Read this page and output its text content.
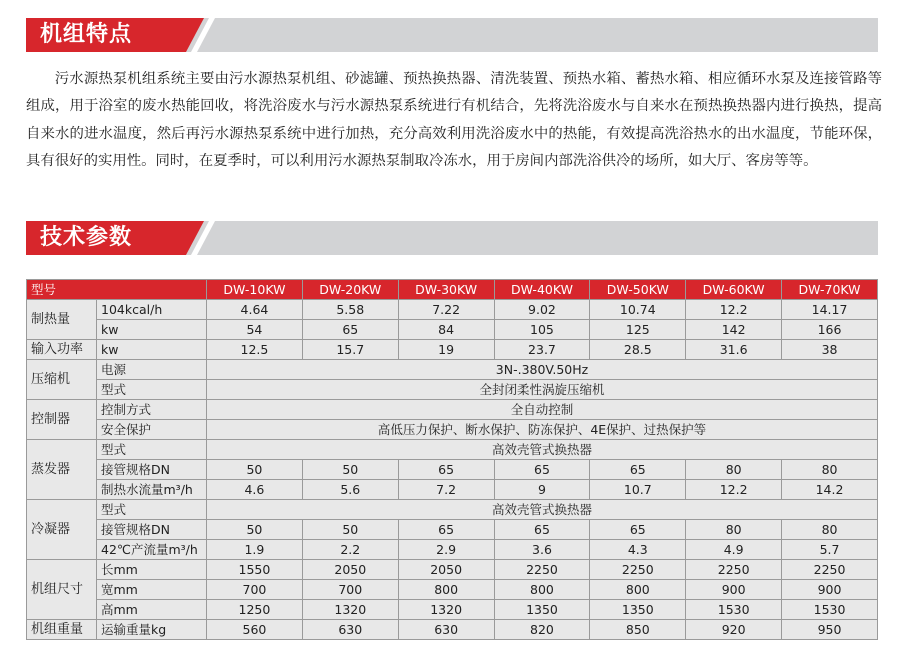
机组特点

污水源热泵机组系统主要由污水源热泵机组、砂滤罐、预热换热器、清洗装置、预热水箱、蓄热水箱、相应循环水泵及连接管路等组成，用于浴室的废水热能回收，将洗浴废水与污水源热泵系统进行有机结合，先将洗浴废水与自来水在预热换热器内进行换热，提高自来水的进水温度，然后再污水源热泵系统中进行加热，充分高效利用洗浴废水中的热能，有效提高洗浴热水的出水温度，节能环保，具有很好的实用性。同时，在夏季时，可以利用污水源热泵制取冷冻水，用于房间内部洗浴供冷的场所，如大厅、客房等等。

技术参数
型号		DW-10KW	DW-20KW	DW-30KW	DW-40KW	DW-50KW	DW-60KW	DW-70KW
制热量	104kcal/h	4.64	5.58	7.22	9.02	10.74	12.2	14.17
	kw	54	65	84	105	125	142	166
输入功率	kw	12.5	15.7	19	23.7	28.5	31.6	38
压缩机	电源	3N-.380V.50Hz						
	型式	全封闭柔性涡旋压缩机						
控制器	控制方式	全自动控制						
	安全保护	高低压力保护、断水保护、防冻保护、4E保护、过热保护等						
蒸发器	型式	高效壳管式换热器						
	接管规格DN	50	50	65	65	65	80	80
	制热水流量m³/h	4.6	5.6	7.2	9	10.7	12.2	14.2
冷凝器	型式	高效壳管式换热器						
	接管规格DN	50	50	65	65	65	80	80
	42℃产流量m³/h	1.9	2.2	2.9	3.6	4.3	4.9	5.7
机组尺寸	长mm	1550	2050	2050	2250	2250	2250	2250
	宽mm	700	700	800	800	800	900	900
	高mm	1250	1320	1320	1350	1350	1530	1530
机组重量	运输重量kg	560	630	630	820	850	920	950
